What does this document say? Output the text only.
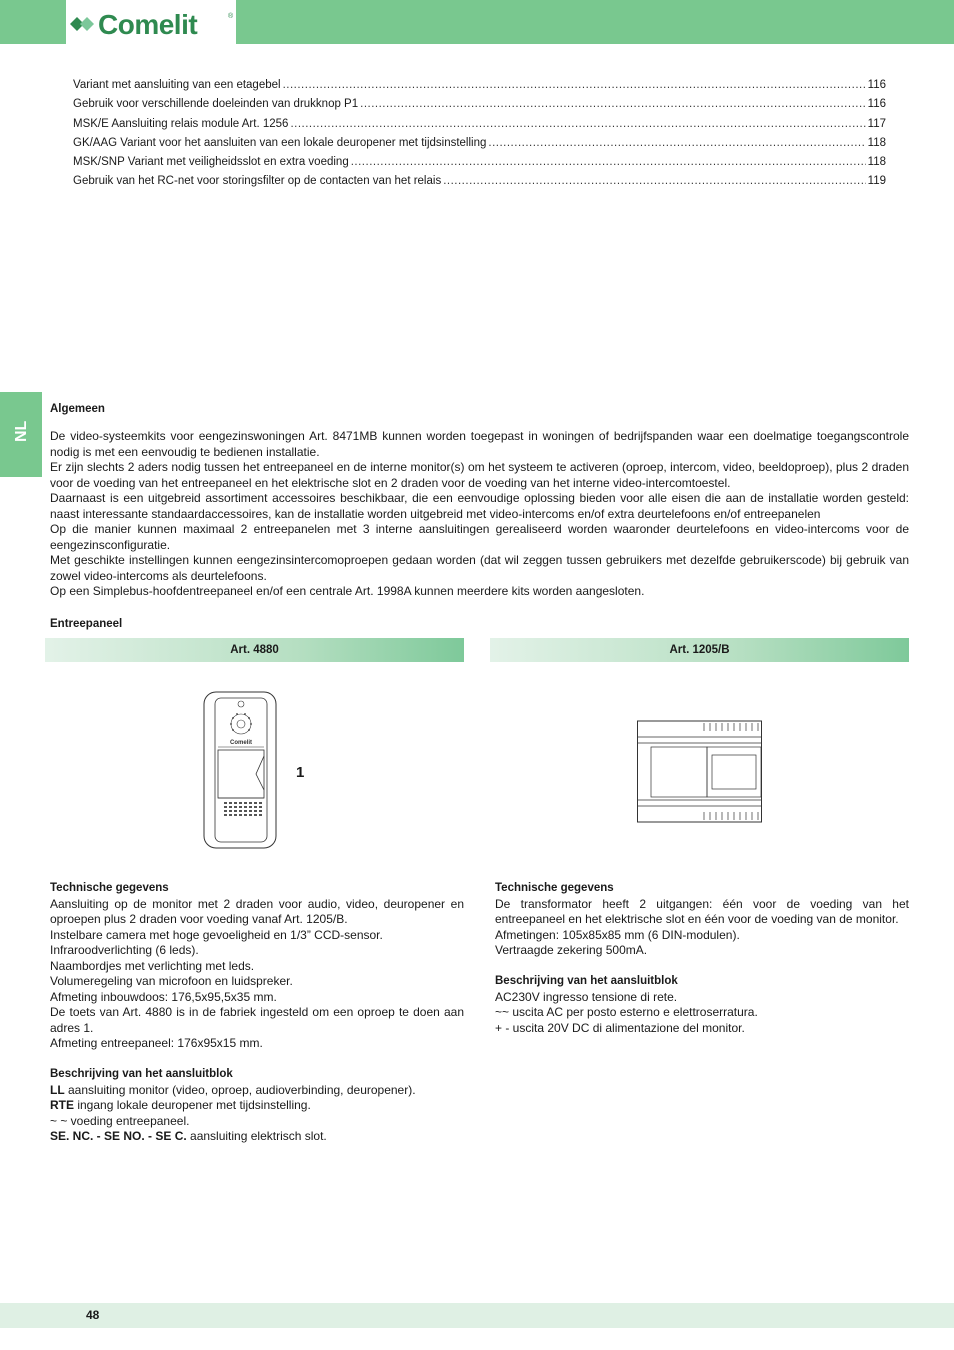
Comelit	®
Variant met aansluiting van een etagebel .....	116
Gebruik voor verschillende doeleinden van drukknop P1 .....	116
MSK/E Aansluiting relais module Art. 1256 .....	117
GK/AAG Variant voor het aansluiten van een lokale deuropener met tijdsinstelling .....	118
MSK/SNP Variant met veiligheidsslot en extra voeding .....	118
Gebruik van het RC-net voor storingsfilter op de contacten van het relais .....	119
NL
Algemeen

De video-systeemkits voor eengezinswoningen Art. 8471MB kunnen worden toegepast in woningen of bedrijfspanden waar een doelmatige toegangscontrole nodig is met een eenvoudig te bedienen installatie.

Er zijn slechts 2 aders nodig tussen het entreepaneel en de interne monitor(s) om het systeem te activeren (oproep, intercom, video, beeldoproep), plus 2 draden voor de voeding van het entreepaneel en het elektrische slot en 2 draden voor de voeding van het interne video-intercomtoestel.

Daarnaast is een uitgebreid assortiment accessoires beschikbaar, die een eenvoudige oplossing bieden voor alle eisen die aan de installatie worden gesteld: naast interessante standaardaccessoires, kan de installatie worden uitgebreid met video-intercoms en/of extra deurtelefoons en/of entreepanelen

Op die manier kunnen maximaal 2 entreepanelen met 3 interne aansluitingen gerealiseerd worden waaronder deurtelefoons en video-intercoms voor de eengezinsconfiguratie.

Met geschikte instellingen kunnen eengezinsintercomoproepen gedaan worden (dat wil zeggen tussen gebruikers met dezelfde gebruikerscode) bij gebruik van zowel video-intercoms als deurtelefoons.

Op een Simplebus-hoofdentreepaneel en/of een centrale Art. 1998A kunnen meerdere kits worden aangesloten.

Entreepaneel
Art. 4880	Art. 1205/B
Comelit
1
Technische gegevens
Aansluiting op de monitor met 2 draden voor audio, video, deuropener en oproepen plus 2 draden voor voeding vanaf Art. 1205/B.
Instelbare camera met hoge gevoeligheid en 1/3” CCD-sensor.
Infraroodverlichting (6 leds).
Naambordjes met verlichting met leds.
Volumeregeling van microfoon en luidspreker.
Afmeting inbouwdoos: 176,5x95,5x35 mm.
De toets van Art. 4880 is in de fabriek ingesteld om een oproep te doen aan adres 1.
Afmeting entreepaneel: 176x95x15 mm.
Beschrijving van het aansluitblok
LL aansluiting monitor (video, oproep, audioverbinding, deuropener).
RTE ingang lokale deuropener met tijdsinstelling.
~ ~ voeding entreepaneel.
SE. NC. - SE NO. - SE C. aansluiting elektrisch slot.
Technische gegevens
De transformator heeft 2 uitgangen: één voor de voeding van het entreepaneel en het elektrische slot en één voor de voeding van de monitor.
Afmetingen: 105x85x85 mm (6 DIN-modulen).
Vertraagde zekering 500mA.
Beschrijving van het aansluitblok
AC230V ingresso tensione di rete.
~~ uscita AC per posto esterno e elettroserratura.
+ - uscita 20V DC di alimentazione del monitor.
48
